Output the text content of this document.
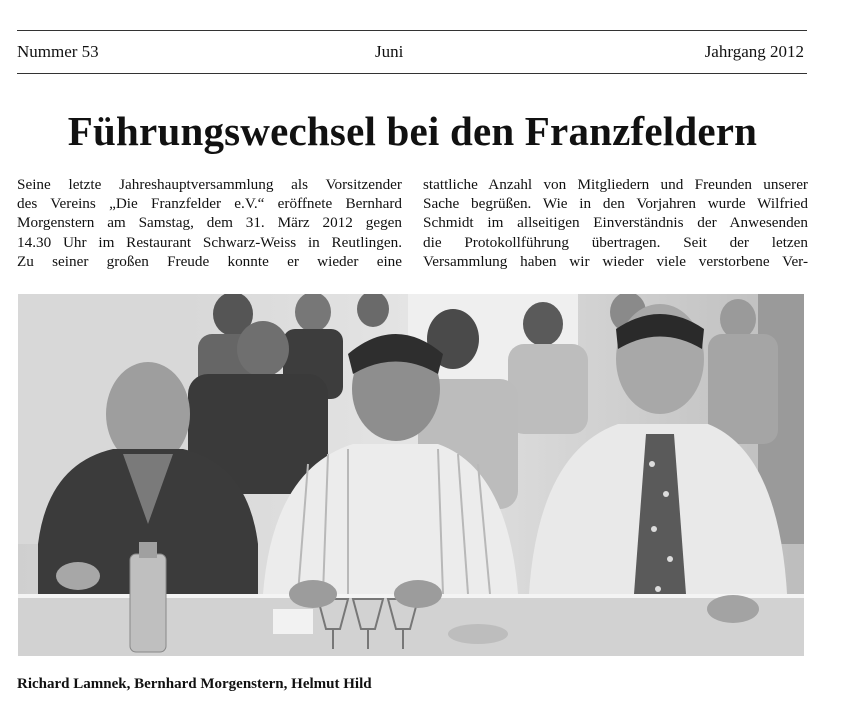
Nummer 53	Juni	Jahrgang 2012
Führungswechsel bei den Franzfeldern
Seine letzte Jahreshauptversammlung als Vorsitzender
des Vereins „Die Franzfelder e.V.“ eröffnete Bernhard
Morgenstern am Samstag, dem 31. März 2012 gegen
14.30 Uhr im Restaurant Schwarz-Weiss in Reutlingen.
Zu seiner großen Freude konnte er wieder eine
stattliche Anzahl von Mitgliedern und Freunden unserer
Sache begrüßen. Wie in den Vorjahren wurde Wilfried
Schmidt im allseitigen Einverständnis der Anwesenden
die Protokollführung übertragen. Seit der letzen
Versammlung haben wir wieder viele verstorbene Ver-
Richard Lamnek, Bernhard Morgenstern, Helmut Hild
